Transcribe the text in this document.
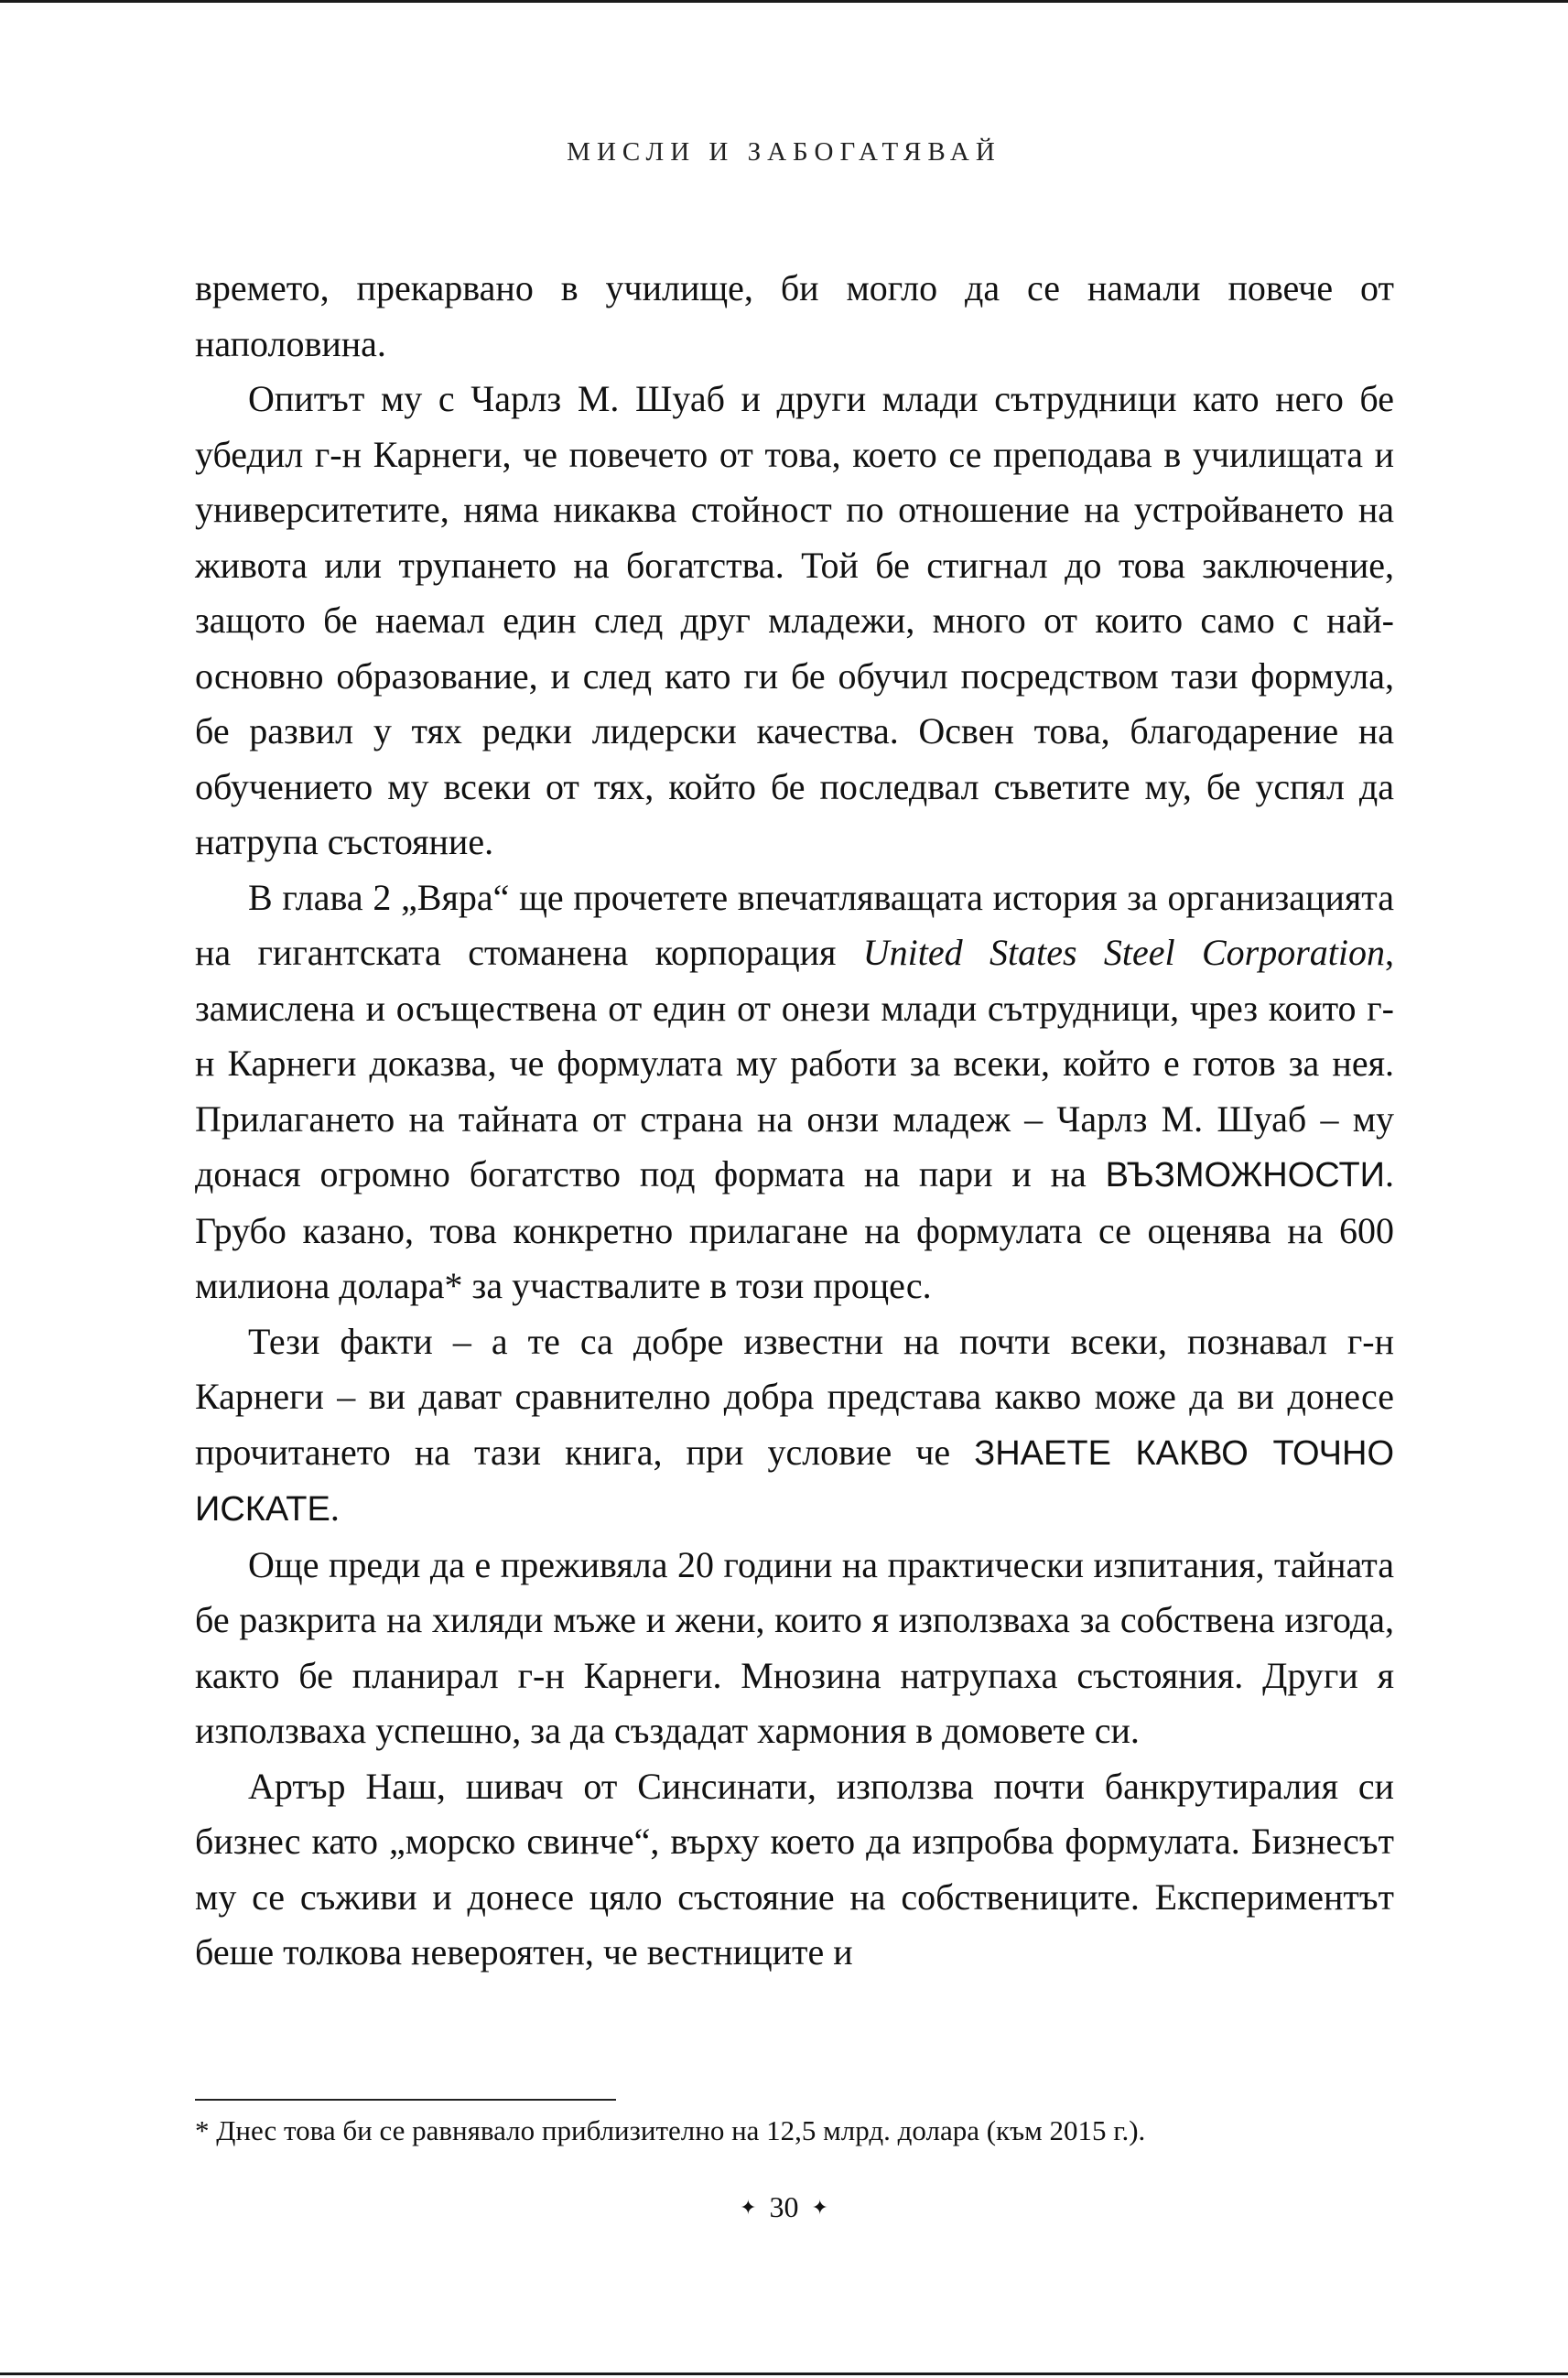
МИСЛИ И ЗАБОГАТЯВАЙ

времето, прекарвано в училище, би могло да се намали повече от наполовина.

Опитът му с Чарлз М. Шуаб и други млади сътрудници като него бе убедил г-н Карнеги, че повечето от това, което се преподава в училищата и университетите, няма никаква стойност по отношение на устройването на живота или трупането на богатства. Той бе стигнал до това заключение, защото бе наемал един след друг младежи, много от които само с най-основно образование, и след като ги бе обучил посредством тази формула, бе развил у тях редки лидерски качества. Освен това, благодарение на обучението му всеки от тях, който бе последвал съветите му, бе успял да натрупа състояние.

В глава 2 „Вяра“ ще прочетете впечатляващата история за организацията на гигантската стоманена корпорация United States Steel Corporation, замислена и осъществена от един от онези млади сътрудници, чрез които г-н Карнеги доказва, че формулата му работи за всеки, който е готов за нея. Прилагането на тайната от страна на онзи младеж – Чарлз М. Шуаб – му донася огромно богатство под формата на пари и на ВЪЗМОЖНОСТИ. Грубо казано, това конкретно прилагане на формулата се оценява на 600 милиона долара* за участвалите в този процес.

Тези факти – а те са добре известни на почти всеки, познавал г-н Карнеги – ви дават сравнително добра представа какво може да ви донесе прочитането на тази книга, при условие че ЗНАЕТЕ КАКВО ТОЧНО ИСКАТЕ.

Още преди да е преживяла 20 години на практически изпитания, тайната бе разкрита на хиляди мъже и жени, които я използваха за собствена изгода, както бе планирал г-н Карнеги. Мнозина натрупаха състояния. Други я използваха успешно, за да създадат хармония в домовете си.

Артър Наш, шивач от Синсинати, използва почти банкрутиралия си бизнес като „морско свинче“, върху което да изпробва формулата. Бизнесът му се съживи и донесе цяло състояние на собствениците. Експериментът беше толкова невероятен, че вестниците и

* Днес това би се равнявало приблизително на 12,5 млрд. долара (към 2015 г.).
✦ 30 ✦
